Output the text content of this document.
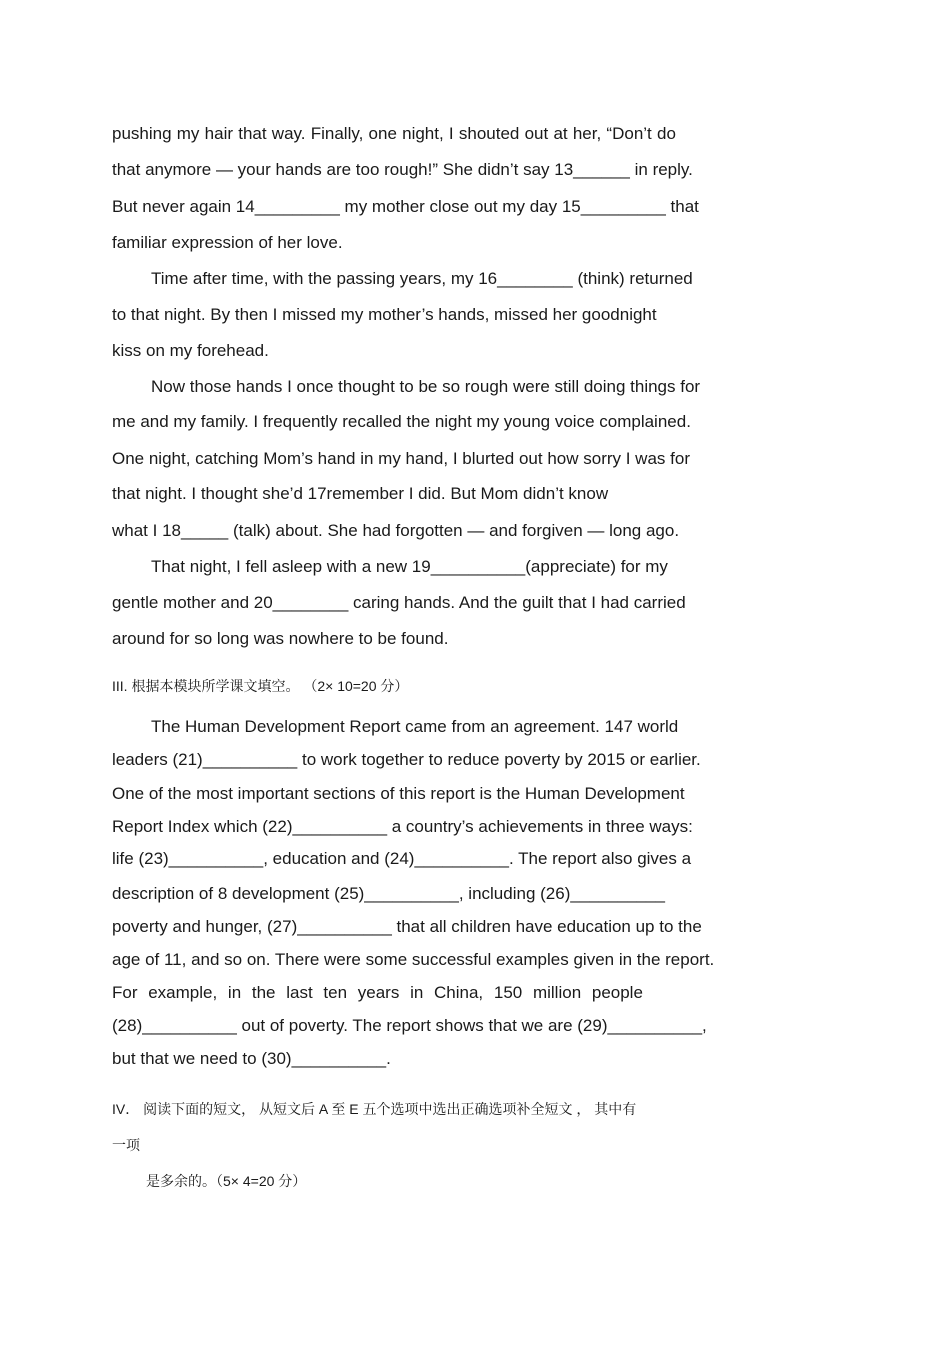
pushing my hair that way. Finally, one night, I shouted out at her, “Don’t do
that anymore — your hands are too rough!” She didn’t say 13______ in reply.
But never again 14_________ my mother close out my day 15_________ that
familiar expression of her love.
Time after time, with the passing years, my 16________ (think) returned
to that night. By then I missed my mother’s hands, missed her goodnight
kiss on my forehead.
Now those hands I once thought to be so rough were still doing things for
me and my family. I frequently recalled the night my young voice complained.
One night, catching Mom’s hand in my hand, I blurted out how sorry I was for
that night. I thought she’d 17remember I did. But Mom didn’t know
what I 18_____ (talk) about. She had forgotten — and forgiven — long ago.
That night, I fell asleep with a new 19__________(appreciate) for my
gentle mother and 20________ caring hands. And the guilt that I had carried
around for so long was nowhere to be found.
III. 根据本模块所学课文填空。 （2× 10=20 分）
The Human Development Report came from an agreement. 147 world
leaders (21)__________ to work together to reduce poverty by 2015 or earlier.
One of the most important sections of this report is the Human Development
Report Index which (22)__________ a country’s achievements in three ways:
life (23)__________, education and (24)__________. The report also gives a
description of 8 development (25)__________, including (26)__________
poverty and hunger, (27)__________ that all children have education up to the
age of 11, and so on. There were some successful examples given in the report.
For example, in the last ten years in China, 150 million people
(28)__________ out of poverty. The report shows that we are (29)__________,
but that we need to (30)__________.
IV． 阅读下面的短文， 从短文后 A 至 E 五个选项中选出正确选项补全短文 ， 其中有
一项
是多余的。（5× 4=20 分）
